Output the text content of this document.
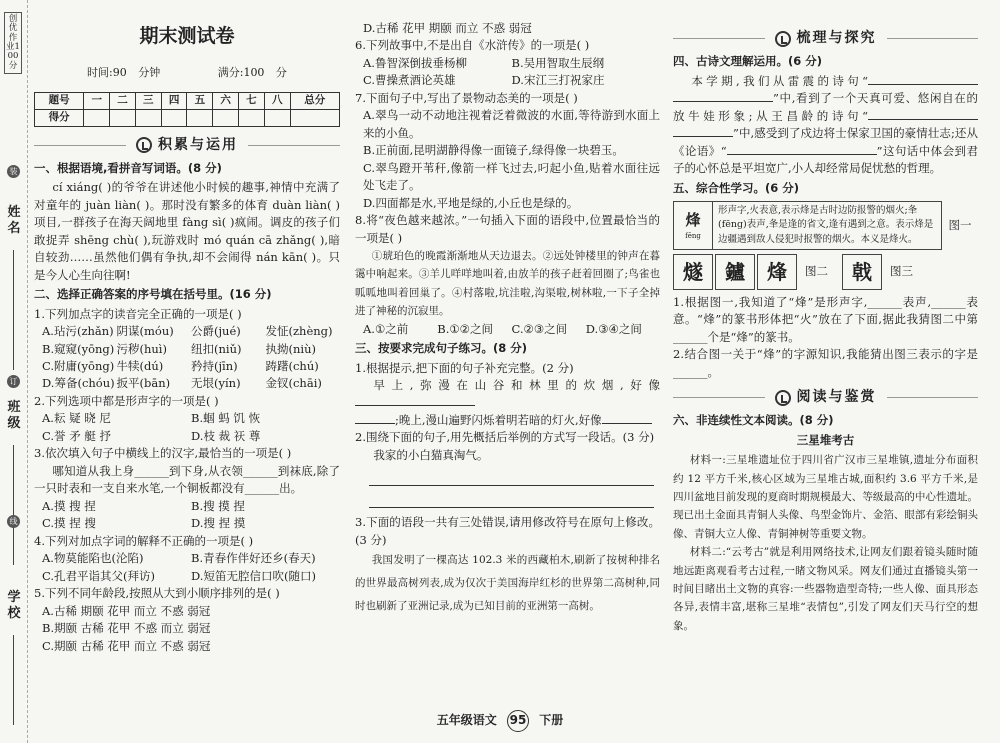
创优作业100分
姓名
班级
学校
装
订
线
期末测试卷
时间:90 分钟	满分:100 分
题号	一	二	三	四	五	六	七	八	总分
得分									
积累与运用
一、根据语境,看拼音写词语。(8 分)
cí xiáng( )的爷爷在讲述他小时候的趣事,神情中充满了对童年的 juàn liàn( )。那时没有繁多的体育 duàn liàn( )项目,一群孩子在海天阔地里 fàng sì( )疯闹。调皮的孩子们敢捉弄 shēng chù( ),玩游戏时 mó quán cā zhǎng( ),暗自较劲……虽然他们偶有争执,却不会闹得 nán kān( )。只是今人心生向往啊!
二、选择正确答案的序号填在括号里。(16 分)
1.下列加点字的读音完全正确的一项是( )
A.玷污(zhǎn) 阴谋(móu)	公爵(jué)	发怔(zhèng)
B.窥窥(yōng) 污秽(huì)	纽扣(niǔ)	执拗(niù)
C.附庸(yōng) 牛犊(dú)	矜持(jīn)	踌躇(chú)
D.筹备(chóu) 扳平(bān)	无垠(yín)	金钗(chāi)
2.下列选项中都是形声字的一项是( )
A.耘 疑 晓 尼	B.蝈 蚂 饥 恢
C.誉 矛 艇 抒	D.枝 裁 祆 尊
3.依次填入句子中横线上的汉字,最恰当的一项是( )
哪知道从我上身______到下身,从衣领______到袜底,除了一只时表和一支自来水笔,一个铜板都没有______出。
A.摸 搜 捏	B.搜 摸 捏
C.摸 捏 搜	D.搜 捏 摸
4.下列对加点字词的解释不正确的一项是( )
A.物莫能陷也(沦陷)	B.青春作伴好还乡(春天)
C.孔君平诣其父(拜访)	D.短笛无腔信口吹(随口)
5.下列不同年龄段,按照从大到小顺序排列的是( )
A.古稀 期颐 花甲 而立 不惑 弱冠
B.期颐 古稀 花甲 不惑 而立 弱冠
C.期颐 古稀 花甲 而立 不惑 弱冠
D.古稀 花甲 期颐 而立 不惑 弱冠
6.下列故事中,不是出自《水浒传》的一项是( )
A.鲁智深倒拔垂杨柳	B.吴用智取生辰纲
C.曹操煮酒论英雄	D.宋江三打祝家庄
7.下面句子中,写出了景物动态美的一项是( )
A.翠鸟一动不动地注视着泛着微波的水面,等待游到水面上来的小鱼。
B.正前面,昆明湖静得像一面镜子,绿得像一块碧玉。
C.翠鸟蹬开苇秆,像箭一样飞过去,叼起小鱼,贴着水面往远处飞走了。
D.四面都是水,平地是绿的,小丘也是绿的。
8.将“夜色越来越浓。”一句插入下面的语段中,位置最恰当的一项是( )
①琥珀色的晚霞渐渐地从天边退去。②远处钟楼里的钟声在暮霭中响起来。③羊儿咩咩地叫着,由放羊的孩子赶着回圈了;鸟雀也呱呱地叫着回巢了。④村落啦,坑洼啦,沟渠啦,树林啦,一下子全掉进了神秘的沉寂里。
A.①之前	B.①②之间	C.②③之间	D.③④之间
三、按要求完成句子练习。(8 分)
1.根据提示,把下面的句子补充完整。(2 分)
早上,弥漫在山谷和林里的炊烟,好像
;晚上,漫山遍野闪烁着明若暗的灯火,好像
2.围绕下面的句子,用先概括后举例的方式写一段话。(3 分)
我家的小白猫真淘气。
3.下面的语段一共有三处错误,请用修改符号在原句上修改。(3 分)
我国发明了一棵高达 102.3 米的西藏柏木,刷新了按树种排名的世界最高树列表,成为仅次于美国海岸红杉的世界第二高树种,同时也刷新了亚洲记录,成为已知目前的亚洲第一高树。
梳理与探究
四、古诗文理解运用。(6 分)
本学期,我们从雷震的诗句“”中,看到了一个天真可爱、悠闲自在的放牛娃形象;从王昌龄的诗句“”中,感受到了戍边将士保家卫国的豪情壮志;还从《论语》“	”这句话中体会到君子的心怀总是平坦宽广,小人却经常局促忧愁的哲理。
五、综合性学习。(6 分)
烽
fēng
形声字,火表意,表示烽是古时边防报警的烟火;夆(fēng)表声,夆是逢的省文,逢有遇到之意。表示烽是边疆遇到敌人侵犯时报警的烟火。本义是烽火。
图一
燧	鑪	烽	图二	戟	图三
1.根据图一,我知道了“烽”是形声字,______表声,______表意。“烽”的篆书形体把“火”放在了下面,据此我猜图二中第______个是“烽”的篆书。
2.结合图一关于“烽”的字源知识,我能猜出图三表示的字是______。
阅读与鉴赏
六、非连续性文本阅读。(8 分)
三星堆考古
材料一:三星堆遗址位于四川省广汉市三星堆镇,遗址分布面积约 12 平方千米,核心区域为三星堆古城,面积约 3.6 平方千米,是四川盆地目前发现的夏商时期规模最大、等级最高的中心性遗址。现已出土金面具青铜人头像、鸟型金饰片、金箔、眼部有彩绘铜头像、青铜大立人像、青铜神树等重要文物。
材料二:“云考古”就是利用网络技术,让网友们跟着镜头随时随地远距离观看考古过程,一睹文物风采。网友们通过直播镜头第一时间目睹出土文物的真容:一些器物造型奇特;一些人像、面具形态各异,表情丰富,堪称三星堆“表情包”,引发了网友们天马行空的想象。
五年级语文 95 下册
